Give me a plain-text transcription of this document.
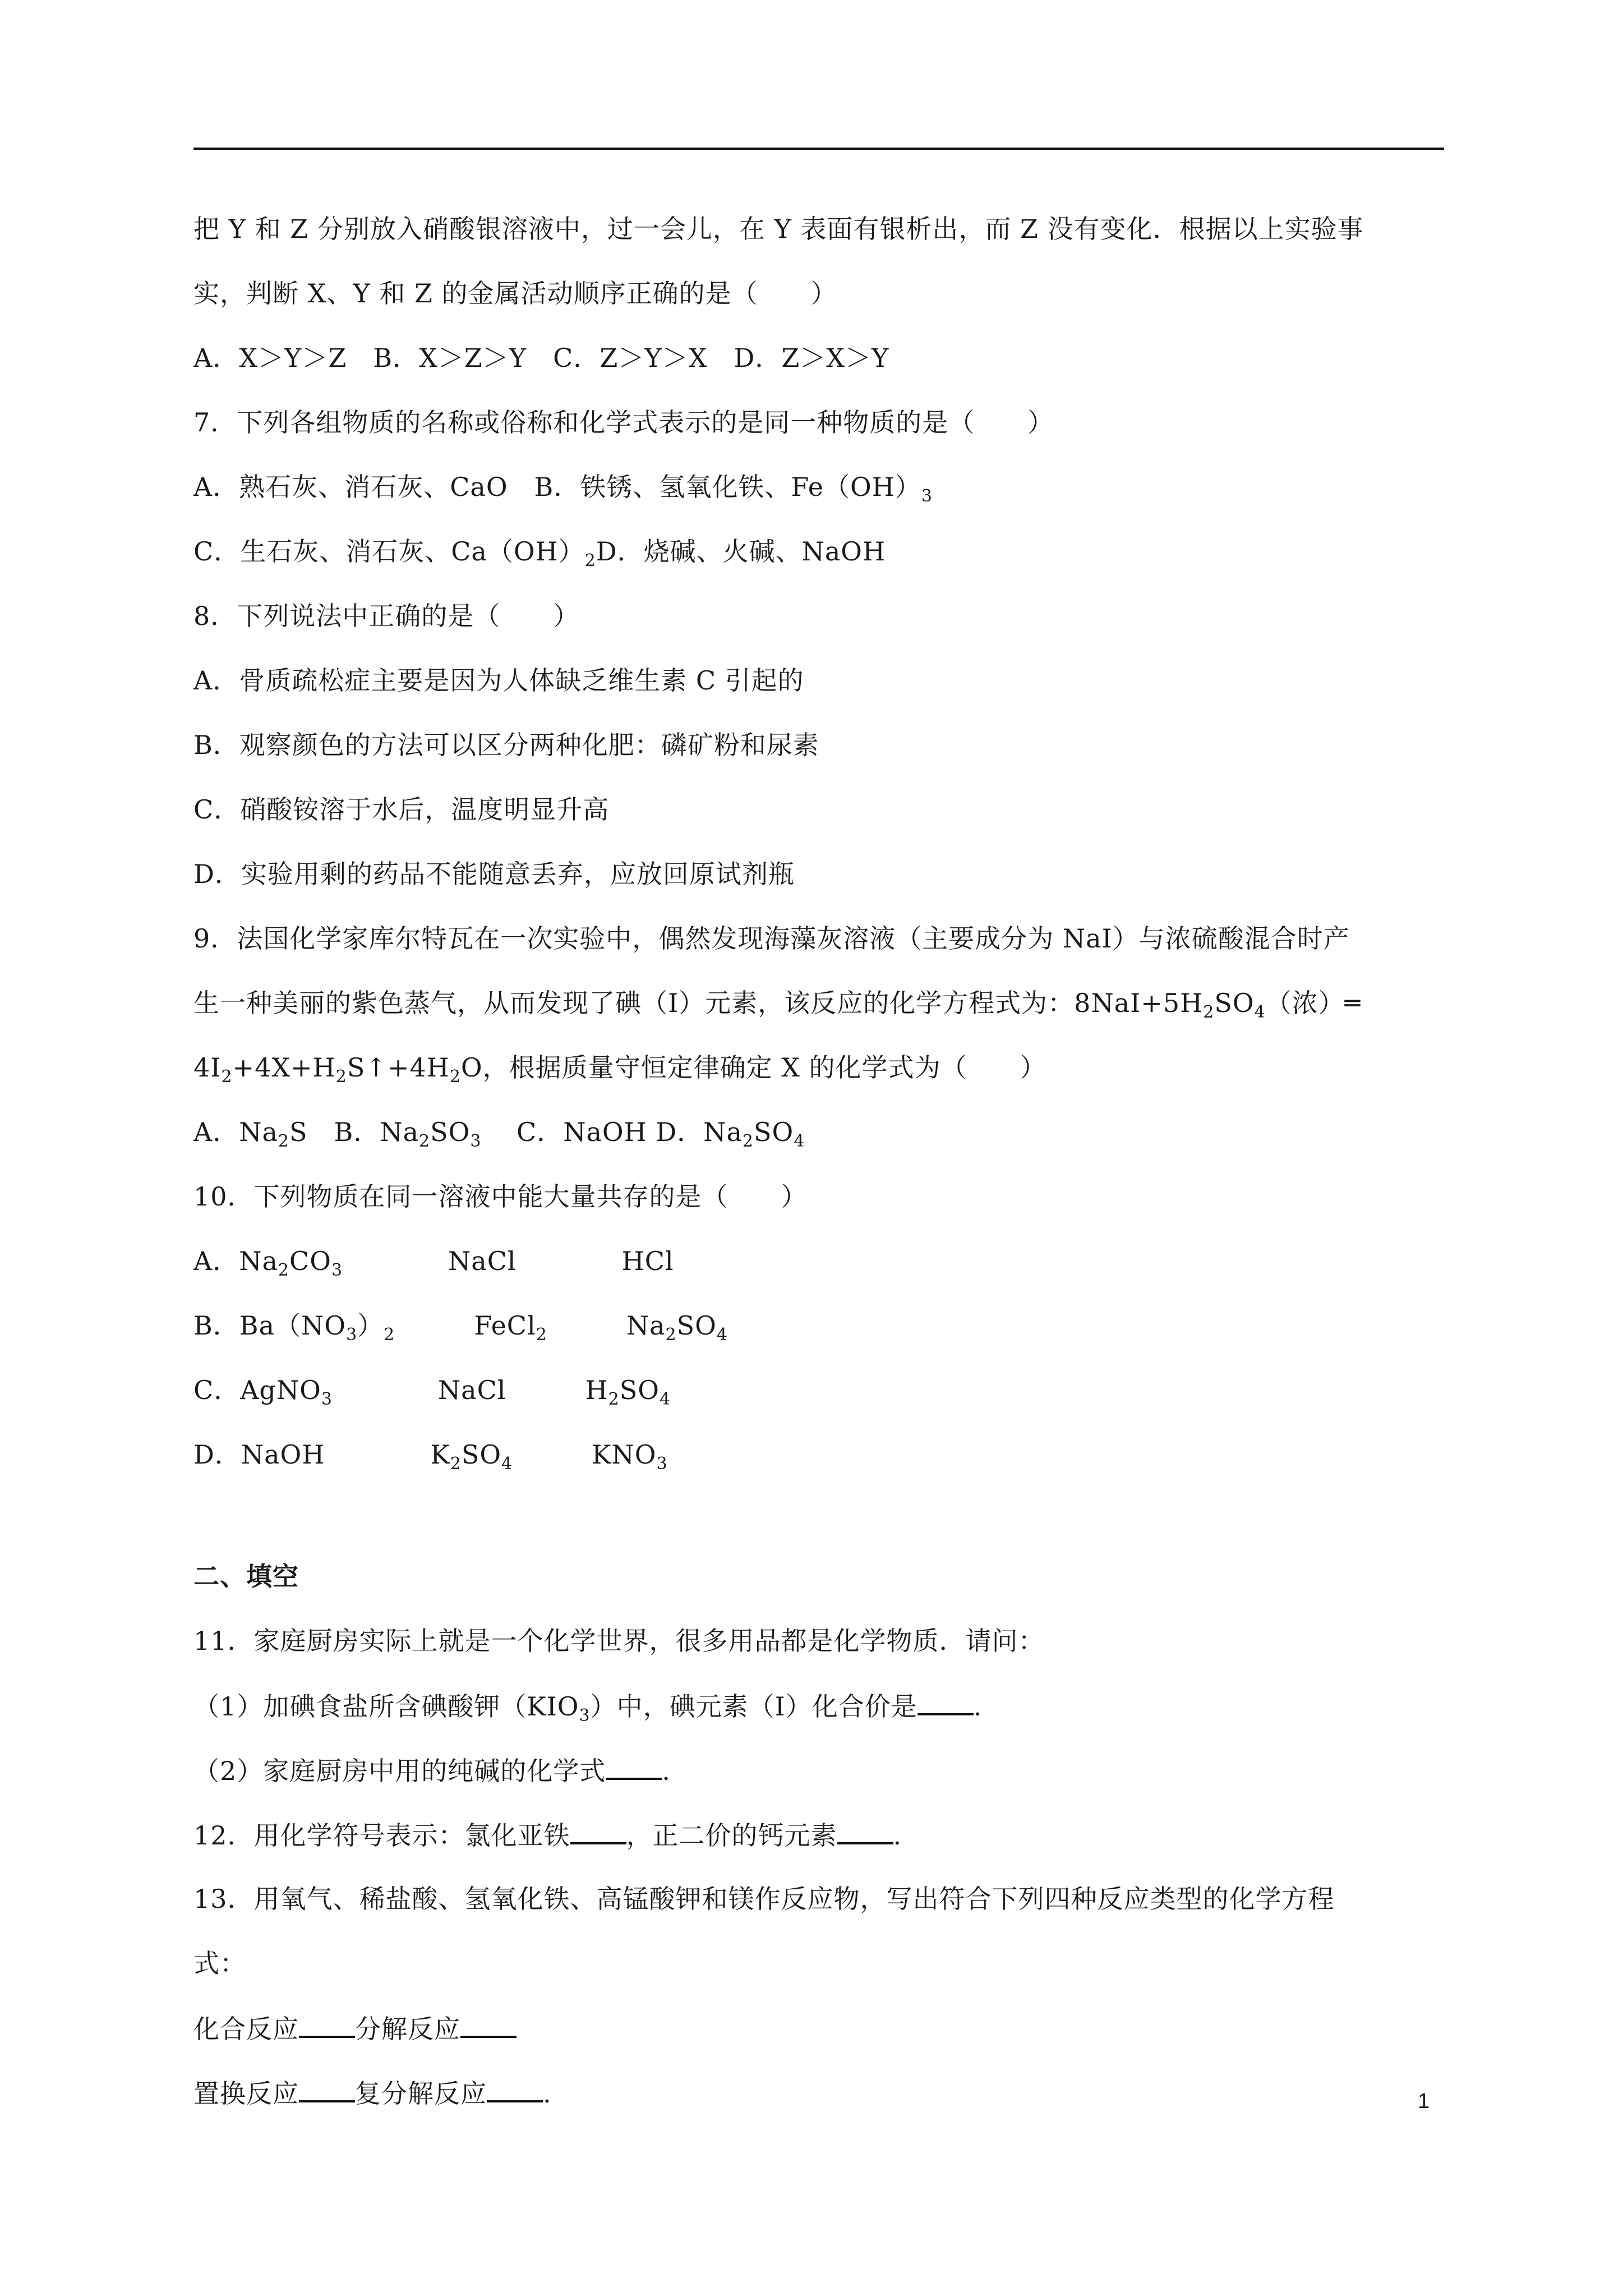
把 Y 和 Z 分别放入硝酸银溶液中，过一会儿，在 Y 表面有银析出，而 Z 没有变化．根据以上实验事
实，判断 X、Y 和 Z 的金属活动顺序正确的是（　　）
A．X＞Y＞Z　B．X＞Z＞Y　C．Z＞Y＞X　D．Z＞X＞Y
7．下列各组物质的名称或俗称和化学式表示的是同一种物质的是（　　）
A．熟石灰、消石灰、CaO　B．铁锈、氢氧化铁、$Fe(OH)_3$
C．生石灰、消石灰、$Ca(OH)_2D$．烧碱、火碱、NaOH
8．下列说法中正确的是（　　）
A．骨质疏松症主要是因为人体缺乏维生素 C 引起的
B．观察颜色的方法可以区分两种化肥：磷矿粉和尿素
C．硝酸铵溶于水后，温度明显升高
D．实验用剩的药品不能随意丢弃，应放回原试剂瓶
9．法国化学家库尔特瓦在一次实验中，偶然发现海藻灰溶液（主要成分为 NaI）与浓硫酸混合时产
生一种美丽的紫色蒸气，从而发现了碘（I）元素，该反应的化学方程式为：$8NaI+5H_2SO_4$（浓）═
$4I_2+4X+H_2S↑+4H_2O$，根据质量守恒定律确定 X 的化学式为（　　）
A．$Na_2S$　B．$Na_2SO_3$　 C．NaOH D．$Na_2SO_4$
10．下列物质在同一溶液中能大量共存的是（　　）
A．$Na_2CO_3$　　　　NaCl　　　　HCl
B．$Ba(NO_3)_2$　　　FeCl$_2$　　　$Na_2SO_4$
C．AgNO$_3$　　　　NaCl　　　$H_2SO_4$
D．NaOH　　　　$K_2SO_4$　　　$KNO_3$
二、填空
11．家庭厨房实际上就是一个化学世界，很多用品都是化学物质．请问：
（1）加碘食盐所含碘酸钾$(KIO_3)$中，碘元素（I）化合价是 .
（2）家庭厨房中用的纯碱的化学式 .
12．用化学符号表示：氯化亚铁 ，正二价的钙元素 .
13．用氧气、稀盐酸、氢氧化铁、高锰酸钾和镁作反应物，写出符合下列四种反应类型的化学方程
式：
化合反应 分解反应
置换反应 复分解反应 .	1
